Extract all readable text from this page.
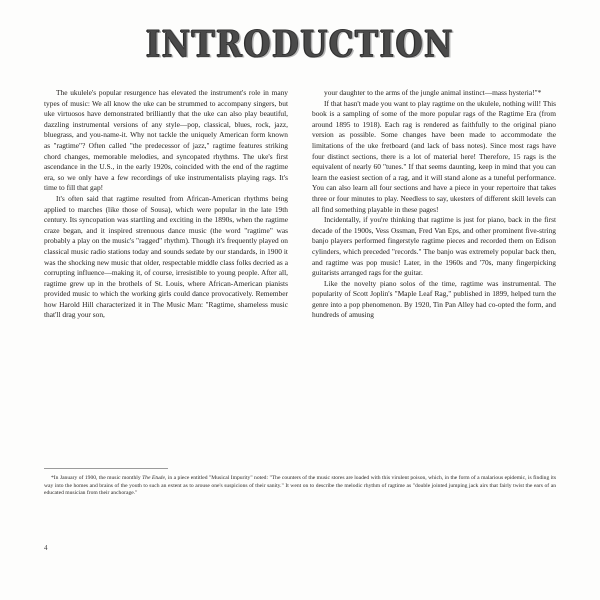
INTRODUCTION

The ukulele's popular resurgence has elevated the instrument's role in many types of music: We all know the uke can be strummed to accompany singers, but uke virtuosos have demonstrated brilliantly that the uke can also play beautiful, dazzling instrumental versions of any style—pop, classical, blues, rock, jazz, bluegrass, and you-name-it. Why not tackle the uniquely American form known as "ragtime"? Often called "the predecessor of jazz," ragtime features striking chord changes, memorable melodies, and syncopated rhythms. The uke's first ascendance in the U.S., in the early 1920s, coincided with the end of the ragtime era, so we only have a few recordings of uke instrumentalists playing rags. It's time to fill that gap!

It's often said that ragtime resulted from African-American rhythms being applied to marches (like those of Sousa), which were popular in the late 19th century. Its syncopation was startling and exciting in the 1890s, when the ragtime craze began, and it inspired strenuous dance music (the word "ragtime" was probably a play on the music's "ragged" rhythm). Though it's frequently played on classical music radio stations today and sounds sedate by our standards, in 1900 it was the shocking new music that older, respectable middle class folks decried as a corrupting influence—making it, of course, irresistible to young people. After all, ragtime grew up in the brothels of St. Louis, where African-American pianists provided music to which the working girls could dance provocatively. Remember how Harold Hill characterized it in The Music Man: "Ragtime, shameless music that'll drag your son,

your daughter to the arms of the jungle animal instinct—mass hysteria!"*

If that hasn't made you want to play ragtime on the ukulele, nothing will! This book is a sampling of some of the more popular rags of the Ragtime Era (from around 1895 to 1918). Each rag is rendered as faithfully to the original piano version as possible. Some changes have been made to accommodate the limitations of the uke fretboard (and lack of bass notes). Since most rags have four distinct sections, there is a lot of material here! Therefore, 15 rags is the equivalent of nearly 60 "tunes." If that seems daunting, keep in mind that you can learn the easiest section of a rag, and it will stand alone as a tuneful performance. You can also learn all four sections and have a piece in your repertoire that takes three or four minutes to play. Needless to say, ukesters of different skill levels can all find something playable in these pages!

Incidentally, if you're thinking that ragtime is just for piano, back in the first decade of the 1900s, Vess Ossman, Fred Van Eps, and other prominent five-string banjo players performed fingerstyle ragtime pieces and recorded them on Edison cylinders, which preceded "records." The banjo was extremely popular back then, and ragtime was pop music! Later, in the 1960s and '70s, many fingerpicking guitarists arranged rags for the guitar.

Like the novelty piano solos of the time, ragtime was instrumental. The popularity of Scott Joplin's "Maple Leaf Rag," published in 1899, helped turn the genre into a pop phenomenon. By 1920, Tin Pan Alley had co-opted the form, and hundreds of amusing

*In January of 1900, the music monthly The Etude, in a piece entitled "Musical Impurity" noted: "The counters of the music stores are loaded with this virulent poison, which, in the form of a malarious epidemic, is finding its way into the homes and brains of the youth to such an extent as to arouse one's suspicions of their sanity." It went on to describe the melodic rhythm of ragtime as "double jointed jumping jack airs that fairly twist the ears of an educated musician from their anchorage."
4
